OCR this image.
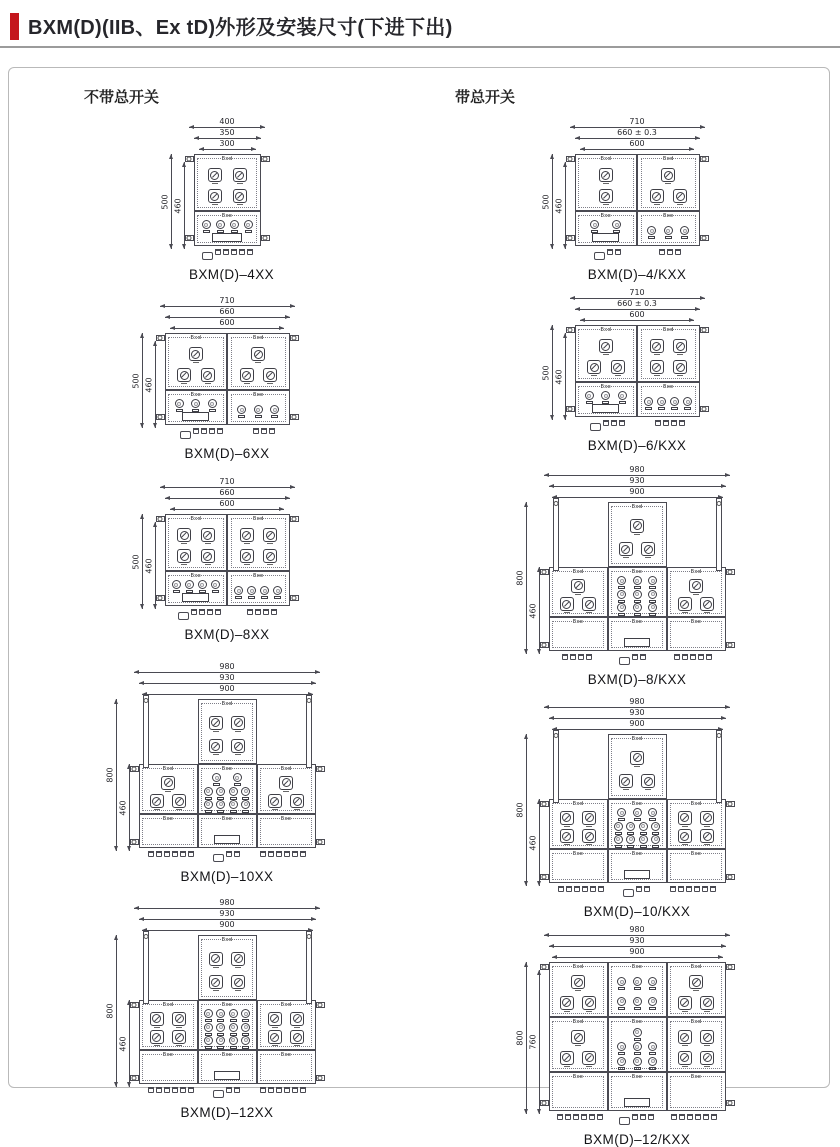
BXM(D)(IIB、Ex tD)外形及安装尺寸(下进下出)
不带总开关
400
350
300
500 460
Exd
Exe
BXM(D)–4XX
710
660
600
500 460
Exd	Exd
Exe	Exe
BXM(D)–6XX
710
660
600
500 460
Exd	Exd
Exe	Exe
BXM(D)–8XX
980
930
900
800
460
Exd
Exd	Exe	Exd
Exe	Exe	Exe
BXM(D)–10XX
980
930
900
800
460
Exd
Exd	Exe	Exd
Exe	Exe	Exe
BXM(D)–12XX
带总开关
710
660 ± 0.3
600
500 460
Exd	Exd
Exe	Exe
BXM(D)–4/KXX
710
660 ± 0.3
600
500 460
Exd	Exd
Exe	Exe
BXM(D)–6/KXX
980
930
900
800
460
Exd
Exd	Exe	Exd
Exe	Exe	Exe
BXM(D)–8/KXX
980
930
900
800
460
Exd
Exd	Exe	Exd
Exe	Exe	Exe
BXM(D)–10/KXX
980
930
900
800 760
Exd	Exe	Exd
Exd	Exe	Exd
Exe	Exe	Exe
BXM(D)–12/KXX
